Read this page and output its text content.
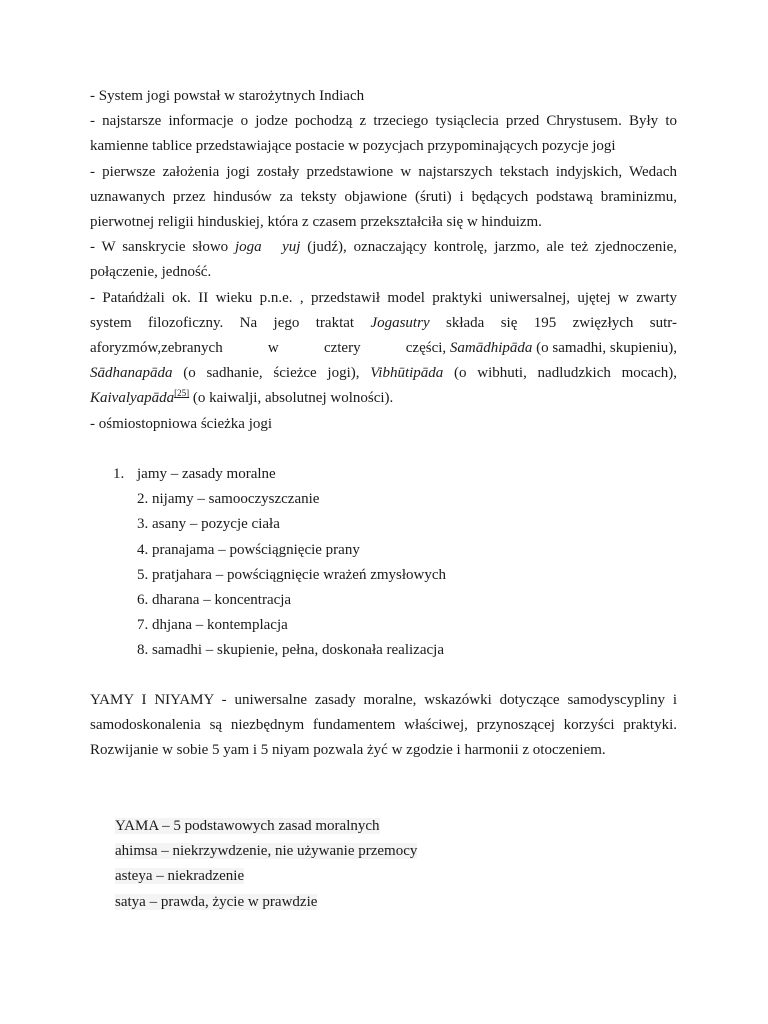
- System jogi powstał w starożytnych Indiach

- najstarsze informacje o jodze pochodzą z trzeciego tysiąclecia przed Chrystusem. Były to kamienne tablice przedstawiające postacie w pozycjach przypominających pozycje jogi

- pierwsze założenia jogi zostały przedstawione w najstarszych tekstach indyjskich, Wedach uznawanych przez hindusów za teksty objawione (śruti) i będących podstawą braminizmu, pierwotnej religii hinduskiej, która z czasem przekształciła się w hinduizm.

- W sanskrycie słowo joga yuj (judź), oznaczający kontrolę, jarzmo, ale też zjednoczenie, połączenie, jedność.

- Patańdżali ok. II wieku p.n.e. , przedstawił model praktyki uniwersalnej, ujętej w zwarty

system filozoficzny. Na jego traktat Jogasutry składa się 195 zwięzłych sutr-

aforyzmów,zebranych	w	cztery	części, Samādhipāda (o samadhi, skupieniu),

Sādhanapāda (o sadhanie, ścieżce jogi), Vibhūtipāda (o wibhuti, nadludzkich mocach), Kaivalyapāda[25] (o kaiwalji, absolutnej wolności).

- ośmiostopniowa ścieżka jogi

1. jamy – zasady moralne
2. nijamy – samooczyszczanie
3. asany – pozycje ciała
4. pranajama – powściągnięcie prany
5. pratjahara – powściągnięcie wrażeń zmysłowych
6. dharana – koncentracja
7. dhjana – kontemplacja
8. samadhi – skupienie, pełna, doskonała realizacja

YAMY I NIYAMY - uniwersalne zasady moralne, wskazówki dotyczące samodyscypliny i samodoskonalenia są niezbędnym fundamentem właściwej, przynoszącej korzyści praktyki. Rozwijanie w sobie 5 yam i 5 niyam pozwala żyć w zgodzie i harmonii z otoczeniem.

YAMA – 5 podstawowych zasad moralnych
ahimsa – niekrzywdzenie, nie używanie przemocy
asteya – niekradzenie
satya – prawda, życie w prawdzie
